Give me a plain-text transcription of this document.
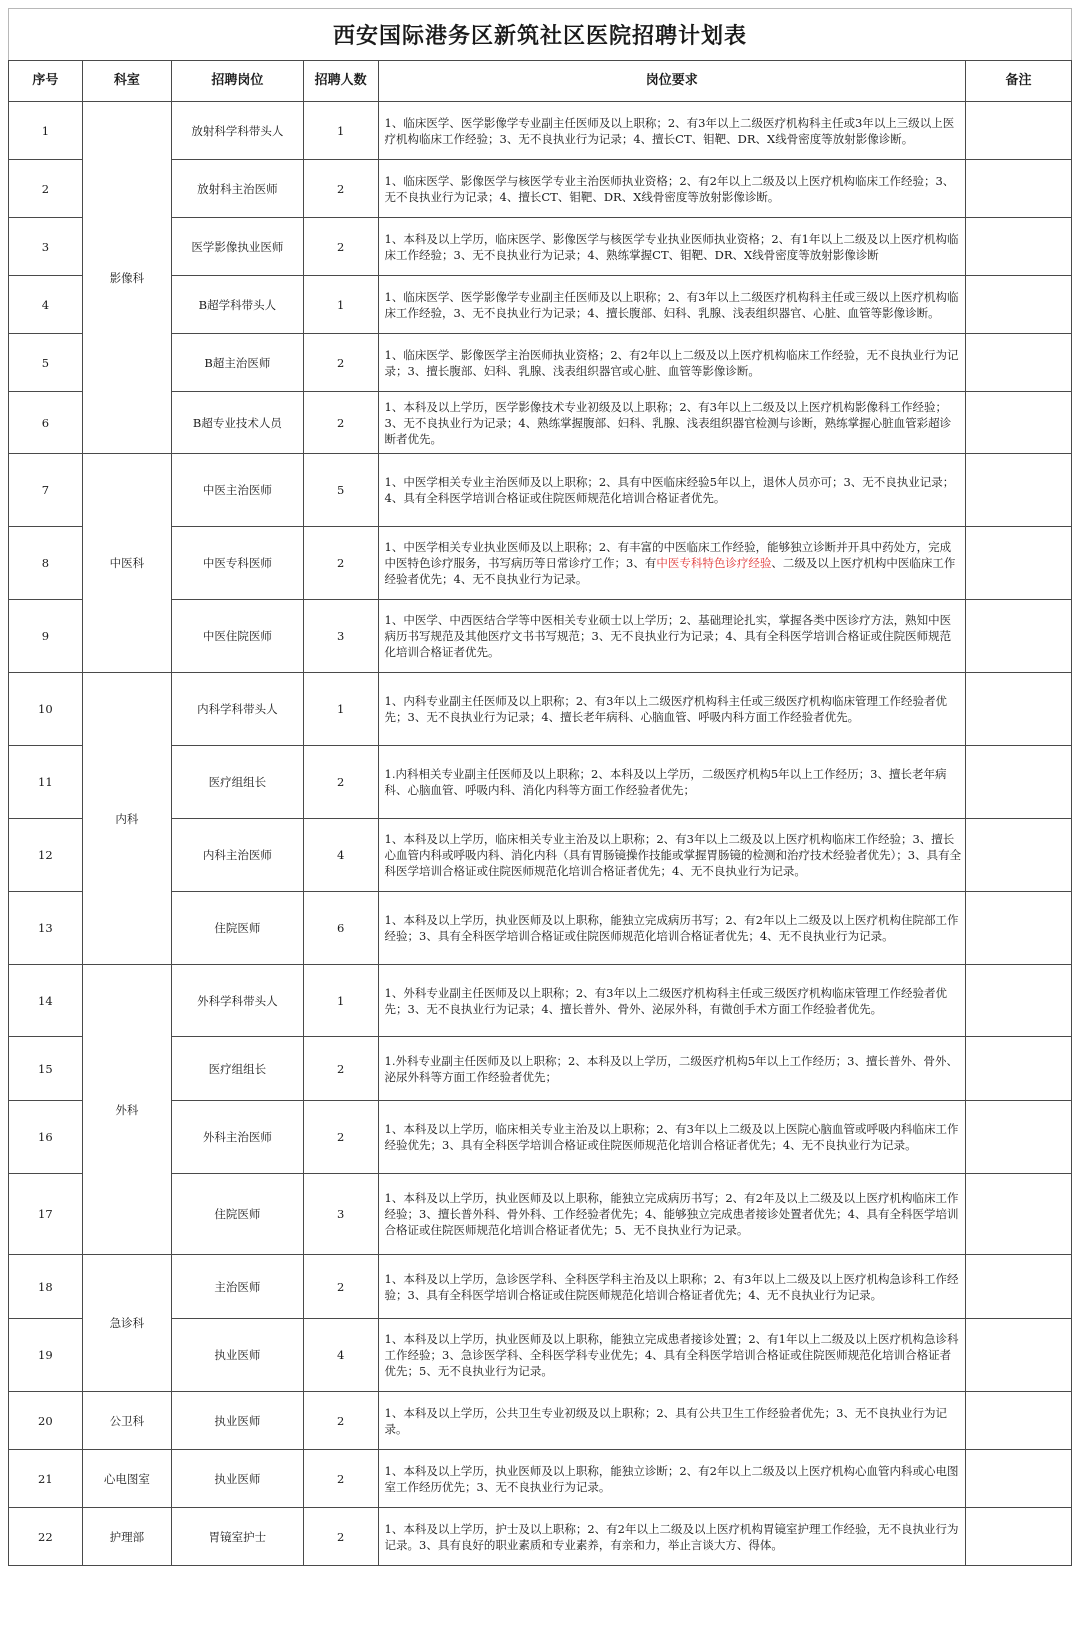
西安国际港务区新筑社区医院招聘计划表
序号	科室	招聘岗位	招聘人数	岗位要求	备注
1	影像科	放射科学科带头人	1	1、临床医学、医学影像学专业副主任医师及以上职称；2、有3年以上二级医疗机构科主任或3年以上三级以上医疗机构临床工作经验；3、无不良执业行为记录；4、擅长CT、钼靶、DR、X线骨密度等放射影像诊断。	
2		放射科主治医师	2	1、临床医学、影像医学与核医学专业主治医师执业资格；2、有2年以上二级及以上医疗机构临床工作经验；3、无不良执业行为记录；4、擅长CT、钼靶、DR、X线骨密度等放射影像诊断。	
3		医学影像执业医师	2	1、本科及以上学历，临床医学、影像医学与核医学专业执业医师执业资格；2、有1年以上二级及以上医疗机构临床工作经验；3、无不良执业行为记录；4、熟练掌握CT、钼靶、DR、X线骨密度等放射影像诊断	
4		B超学科带头人	1	1、临床医学、医学影像学专业副主任医师及以上职称；2、有3年以上二级医疗机构科主任或三级以上医疗机构临床工作经验，3、无不良执业行为记录；4、擅长腹部、妇科、乳腺、浅表组织器官、心脏、血管等影像诊断。	
5		B超主治医师	2	1、临床医学、影像医学主治医师执业资格；2、有2年以上二级及以上医疗机构临床工作经验，无不良执业行为记录；3、擅长腹部、妇科、乳腺、浅表组织器官或心脏、血管等影像诊断。	
6		B超专业技术人员	2	1、本科及以上学历，医学影像技术专业初级及以上职称；2、有3年以上二级及以上医疗机构影像科工作经验；3、无不良执业行为记录；4、熟练掌握腹部、妇科、乳腺、浅表组织器官检测与诊断，熟练掌握心脏血管彩超诊断者优先。	
7	中医科	中医主治医师	5	1、中医学相关专业主治医师及以上职称；2、具有中医临床经验5年以上，退休人员亦可；3、无不良执业记录；4、具有全科医学培训合格证或住院医师规范化培训合格证者优先。	
8		中医专科医师	2	1、中医学相关专业执业医师及以上职称；2、有丰富的中医临床工作经验，能够独立诊断并开具中药处方，完成中医特色诊疗服务，书写病历等日常诊疗工作；3、有中医专科特色诊疗经验、二级及以上医疗机构中医临床工作经验者优先；4、无不良执业行为记录。	
9		中医住院医师	3	1、中医学、中西医结合学等中医相关专业硕士以上学历；2、基础理论扎实，掌握各类中医诊疗方法，熟知中医病历书写规范及其他医疗文书书写规范；3、无不良执业行为记录；4、具有全科医学培训合格证或住院医师规范化培训合格证者优先。	
10	内科	内科学科带头人	1	1、内科专业副主任医师及以上职称；2、有3年以上二级医疗机构科主任或三级医疗机构临床管理工作经验者优先；3、无不良执业行为记录；4、擅长老年病科、心脑血管、呼吸内科方面工作经验者优先。	
11		医疗组组长	2	1.内科相关专业副主任医师及以上职称；2、本科及以上学历，二级医疗机构5年以上工作经历；3、擅长老年病科、心脑血管、呼吸内科、消化内科等方面工作经验者优先；	
12		内科主治医师	4	1、本科及以上学历，临床相关专业主治及以上职称；2、有3年以上二级及以上医疗机构临床工作经验；3、擅长心血管内科或呼吸内科、消化内科（具有胃肠镜操作技能或掌握胃肠镜的检测和治疗技术经验者优先）；3、具有全科医学培训合格证或住院医师规范化培训合格证者优先；4、无不良执业行为记录。	
13		住院医师	6	1、本科及以上学历，执业医师及以上职称，能独立完成病历书写；2、有2年以上二级及以上医疗机构住院部工作经验；3、具有全科医学培训合格证或住院医师规范化培训合格证者优先；4、无不良执业行为记录。	
14	外科	外科学科带头人	1	1、外科专业副主任医师及以上职称；2、有3年以上二级医疗机构科主任或三级医疗机构临床管理工作经验者优先；3、无不良执业行为记录；4、擅长普外、骨外、泌尿外科，有微创手术方面工作经验者优先。	
15		医疗组组长	2	1.外科专业副主任医师及以上职称；2、本科及以上学历，二级医疗机构5年以上工作经历；3、擅长普外、骨外、泌尿外科等方面工作经验者优先；	
16		外科主治医师	2	1、本科及以上学历，临床相关专业主治及以上职称；2、有3年以上二级及以上医院心脑血管或呼吸内科临床工作经验优先；3、具有全科医学培训合格证或住院医师规范化培训合格证者优先；4、无不良执业行为记录。	
17		住院医师	3	1、本科及以上学历，执业医师及以上职称，能独立完成病历书写；2、有2年及以上二级及以上医疗机构临床工作经验；3、擅长普外科、骨外科、工作经验者优先；4、能够独立完成患者接诊处置者优先；4、具有全科医学培训合格证或住院医师规范化培训合格证者优先；5、无不良执业行为记录。	
18	急诊科	主治医师	2	1、本科及以上学历，急诊医学科、全科医学科主治及以上职称；2、有3年以上二级及以上医疗机构急诊科工作经验；3、具有全科医学培训合格证或住院医师规范化培训合格证者优先；4、无不良执业行为记录。	
19		执业医师	4	1、本科及以上学历，执业医师及以上职称，能独立完成患者接诊处置；2、有1年以上二级及以上医疗机构急诊科工作经验；3、急诊医学科、全科医学科专业优先；4、具有全科医学培训合格证或住院医师规范化培训合格证者优先；5、无不良执业行为记录。	
20	公卫科	执业医师	2	1、本科及以上学历，公共卫生专业初级及以上职称；2、具有公共卫生工作经验者优先；3、无不良执业行为记录。	
21	心电图室	执业医师	2	1、本科及以上学历，执业医师及以上职称，能独立诊断；2、有2年以上二级及以上医疗机构心血管内科或心电图室工作经历优先；3、无不良执业行为记录。	
22	护理部	胃镜室护士	2	1、本科及以上学历，护士及以上职称；2、有2年以上二级及以上医疗机构胃镜室护理工作经验，无不良执业行为记录。3、具有良好的职业素质和专业素养，有亲和力，举止言谈大方、得体。	
